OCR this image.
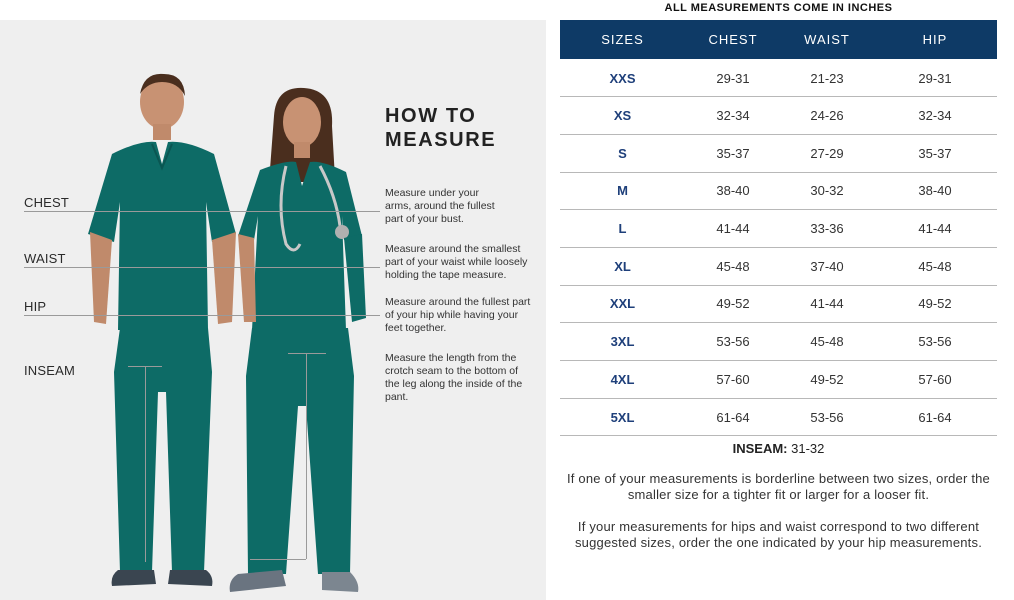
CHEST
WAIST
HIP
INSEAM
HOW TO
MEASURE
Measure under your arms, around the fullest part of your bust.
Measure around the smallest part of your waist while loosely holding the tape measure.
Measure around the fullest part of your hip while having your feet together.
Measure the length from the crotch seam to the bottom of the leg along the inside of the pant.
ALL MEASUREMENTS COME IN INCHES
SIZES	CHEST	WAIST	HIP
XXS	29-31	21-23	29-31
XS	32-34	24-26	32-34
S	35-37	27-29	35-37
M	38-40	30-32	38-40
L	41-44	33-36	41-44
XL	45-48	37-40	45-48
XXL	49-52	41-44	49-52
3XL	53-56	45-48	53-56
4XL	57-60	49-52	57-60
5XL	61-64	53-56	61-64
INSEAM: 31-32
If one of your measurements is borderline between two sizes, order the smaller size for a tighter fit or larger for a looser fit.
If your measurements for hips and waist correspond to two different suggested sizes, order the one indicated by your hip measurements.
